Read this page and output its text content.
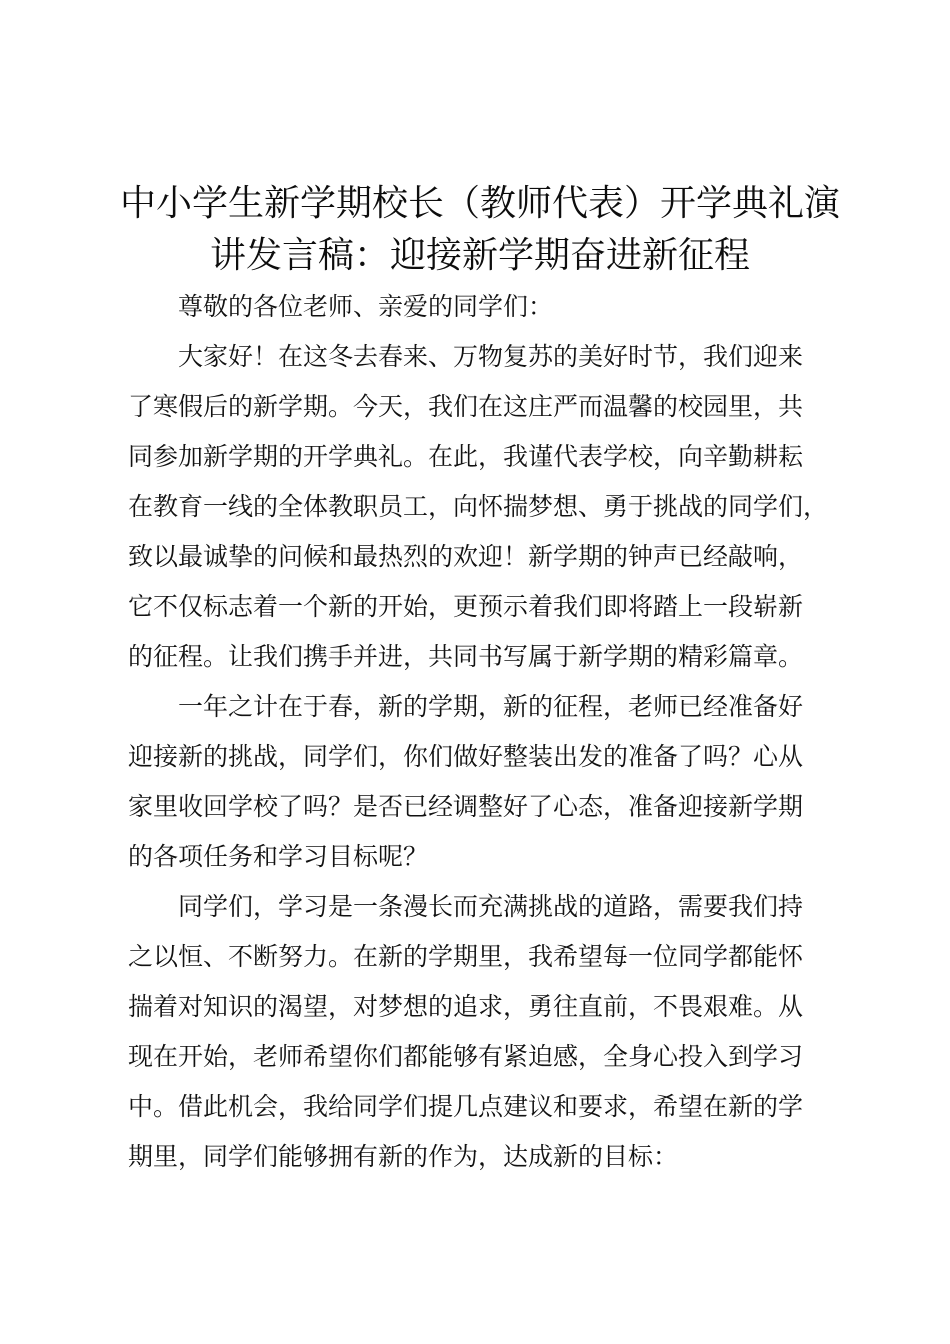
中小学生新学期校长（教师代表）开学典礼演
讲发言稿：迎接新学期奋进新征程

尊敬的各位老师、亲爱的同学们：

大家好！在这冬去春来、万物复苏的美好时节，我们迎来
了寒假后的新学期。今天，我们在这庄严而温馨的校园里，共
同参加新学期的开学典礼。在此，我谨代表学校，向辛勤耕耘
在教育一线的全体教职员工，向怀揣梦想、勇于挑战的同学们，
致以最诚挚的问候和最热烈的欢迎！新学期的钟声已经敲响，
它不仅标志着一个新的开始，更预示着我们即将踏上一段崭新
的征程。让我们携手并进，共同书写属于新学期的精彩篇章。

一年之计在于春，新的学期，新的征程，老师已经准备好
迎接新的挑战，同学们，你们做好整装出发的准备了吗？心从
家里收回学校了吗？是否已经调整好了心态，准备迎接新学期
的各项任务和学习目标呢？

同学们，学习是一条漫长而充满挑战的道路，需要我们持
之以恒、不断努力。在新的学期里，我希望每一位同学都能怀
揣着对知识的渴望，对梦想的追求，勇往直前，不畏艰难。从
现在开始，老师希望你们都能够有紧迫感，全身心投入到学习
中。借此机会，我给同学们提几点建议和要求，希望在新的学
期里，同学们能够拥有新的作为，达成新的目标：
